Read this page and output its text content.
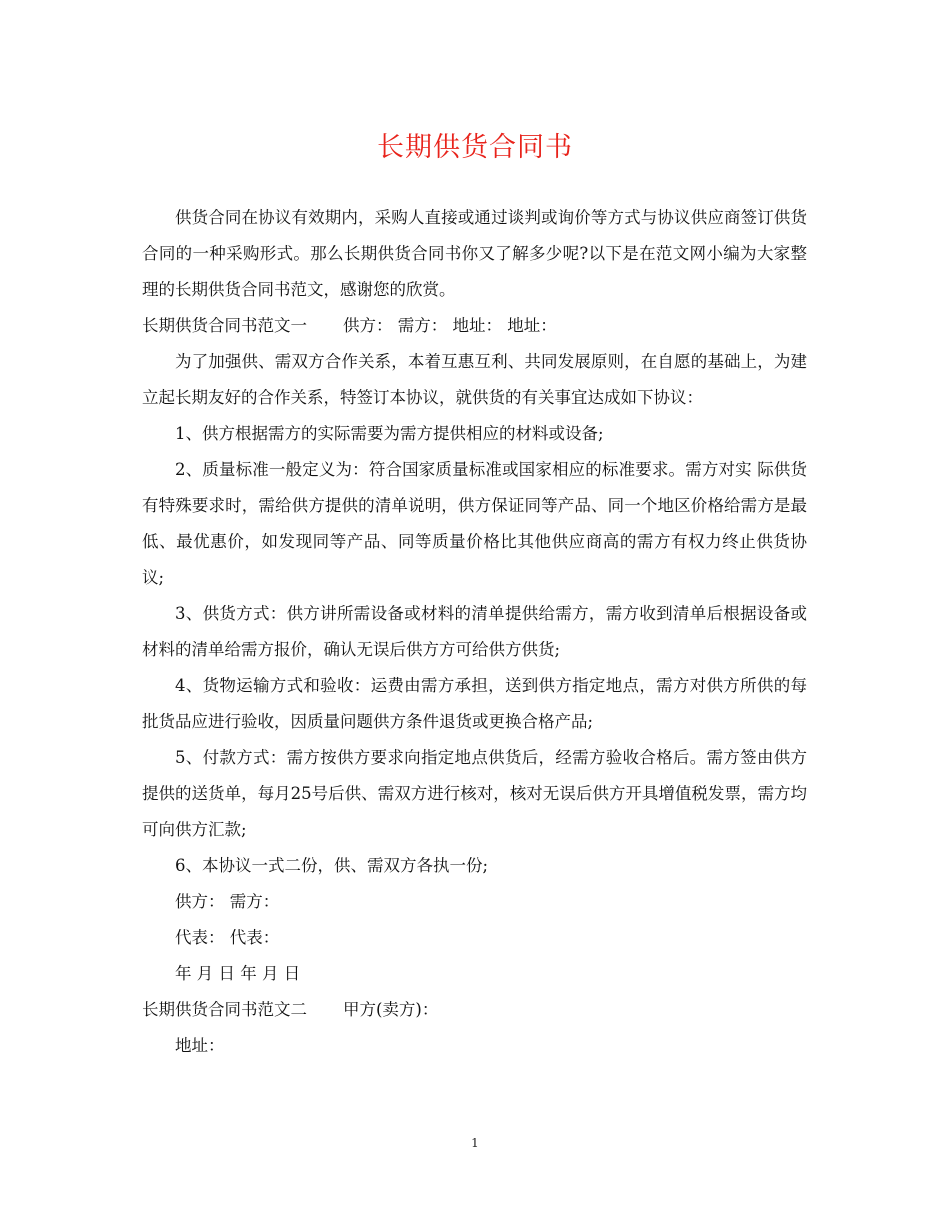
长期供货合同书

供货合同在协议有效期内，采购人直接或通过谈判或询价等方式与协议供应商签订供货合同的一种采购形式。那么长期供货合同书你又了解多少呢?以下是在范文网小编为大家整理的长期供货合同书范文，感谢您的欣赏。

长期供货合同书范文一 供方： 需方： 地址： 地址：

为了加强供、需双方合作关系，本着互惠互利、共同发展原则，在自愿的基础上，为建立起长期友好的合作关系，特签订本协议，就供货的有关事宜达成如下协议：

1、供方根据需方的实际需要为需方提供相应的材料或设备;

2、质量标准一般定义为：符合国家质量标准或国家相应的标准要求。需方对实 际供货有特殊要求时，需给供方提供的清单说明，供方保证同等产品、同一个地区价格给需方是最低、最优惠价，如发现同等产品、同等质量价格比其他供应商高的需方有权力终止供货协议;

3、供货方式：供方讲所需设备或材料的清单提供给需方，需方收到清单后根据设备或材料的清单给需方报价，确认无误后供方方可给供方供货;

4、货物运输方式和验收：运费由需方承担，送到供方指定地点，需方对供方所供的每批货品应进行验收，因质量问题供方条件退货或更换合格产品;

5、付款方式：需方按供方要求向指定地点供货后，经需方验收合格后。需方签由供方提供的送货单，每月25号后供、需双方进行核对，核对无误后供方开具增值税发票，需方均可向供方汇款;

6、本协议一式二份，供、需双方各执一份;

供方： 需方：

代表： 代表：

年 月 日 年 月 日

长期供货合同书范文二 甲方(卖方)：

地址：

1
